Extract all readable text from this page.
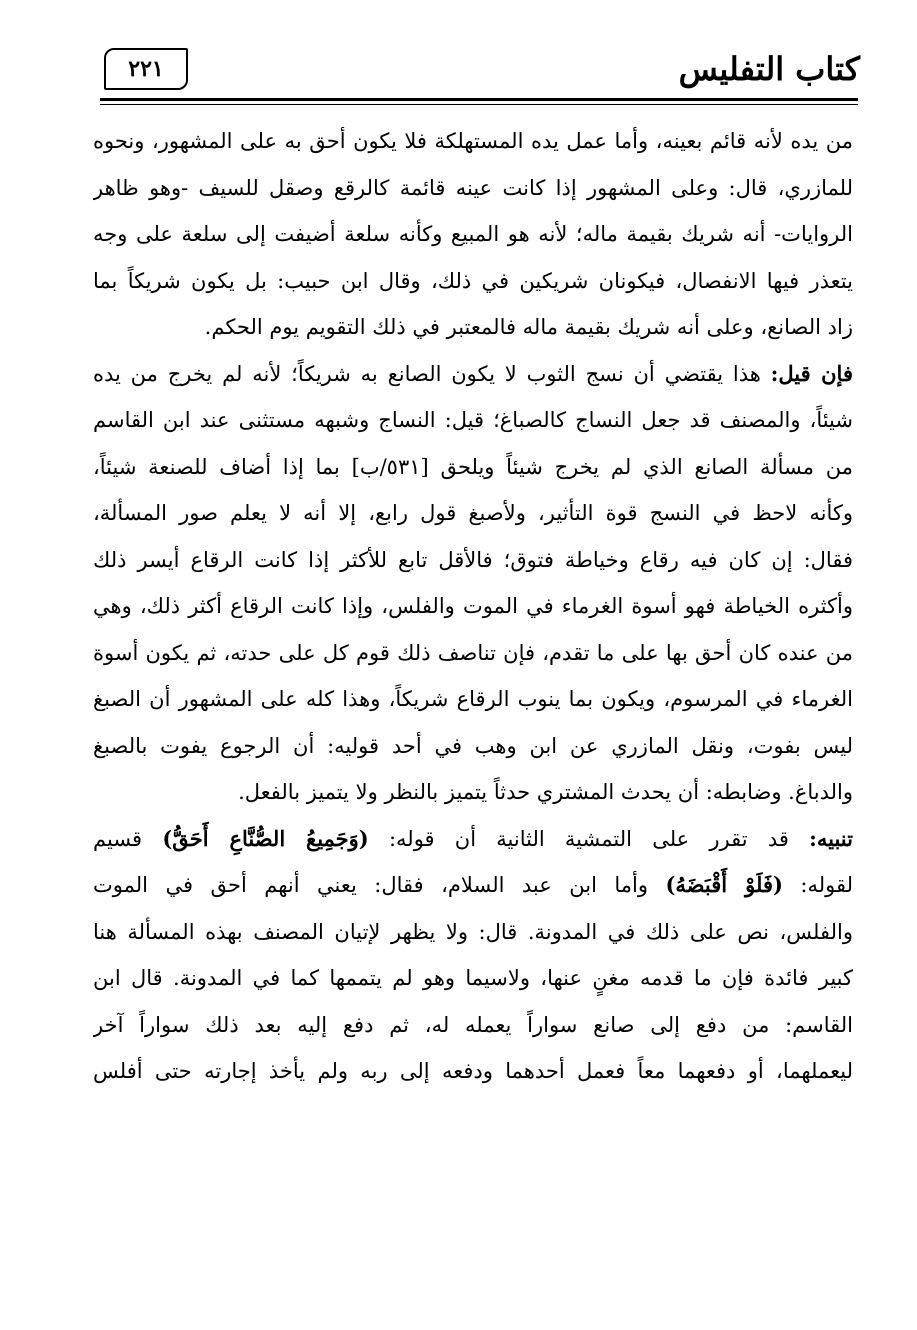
٢٢١	كتاب التفليس
من يده لأنه قائم بعينه، وأما عمل يده المستهلكة فلا يكون أحق به على المشهور، ونحوه
للمازري، قال: وعلى المشهور إذا كانت عينه قائمة كالرقع وصقل للسيف -وهو ظاهر
الروايات- أنه شريك بقيمة ماله؛ لأنه هو المبيع وكأنه سلعة أضيفت إلى سلعة على وجه
يتعذر فيها الانفصال، فيكونان شريكين في ذلك، وقال ابن حبيب: بل يكون شريكاً بما
زاد الصانع، وعلى أنه شريك بقيمة ماله فالمعتبر في ذلك التقويم يوم الحكم.
فإن قيل: هذا يقتضي أن نسج الثوب لا يكون الصانع به شريكاً؛ لأنه لم يخرج من يده
شيئاً، والمصنف قد جعل النساج كالصباغ؛ قيل: النساج وشبهه مستثنى عند ابن القاسم
من مسألة الصانع الذي لم يخرج شيئاً ويلحق [٥٣١/ب] بما إذا أضاف للصنعة شيئاً،
وكأنه لاحظ في النسج قوة التأثير، ولأصبغ قول رابع، إلا أنه لا يعلم صور المسألة،
فقال: إن كان فيه رقاع وخياطة فتوق؛ فالأقل تابع للأكثر إذا كانت الرقاع أيسر ذلك
وأكثره الخياطة فهو أسوة الغرماء في الموت والفلس، وإذا كانت الرقاع أكثر ذلك، وهي
من عنده كان أحق بها على ما تقدم، فإن تناصف ذلك قوم كل على حدته، ثم يكون أسوة
الغرماء في المرسوم، ويكون بما ينوب الرقاع شريكاً، وهذا كله على المشهور أن الصبغ
ليس بفوت، ونقل المازري عن ابن وهب في أحد قوليه: أن الرجوع يفوت بالصبغ
والدباغ. وضابطه: أن يحدث المشتري حدثاً يتميز بالنظر ولا يتميز بالفعل.
تنبيه: قد تقرر على التمشية الثانية أن قوله: (وَجَمِيعُ الصُّنَّاعِ أَحَقُّ) قسيم
لقوله: (فَلَوْ أَقْبَضَهُ) وأما ابن عبد السلام، فقال: يعني أنهم أحق في الموت
والفلس، نص على ذلك في المدونة. قال: ولا يظهر لإتيان المصنف بهذه المسألة هنا
كبير فائدة فإن ما قدمه مغنٍ عنها، ولاسيما وهو لم يتممها كما في المدونة. قال ابن
القاسم: من دفع إلى صانع سواراً يعمله له، ثم دفع إليه بعد ذلك سواراً آخر
ليعملهما، أو دفعهما معاً فعمل أحدهما ودفعه إلى ربه ولم يأخذ إجارته حتى أفلس
